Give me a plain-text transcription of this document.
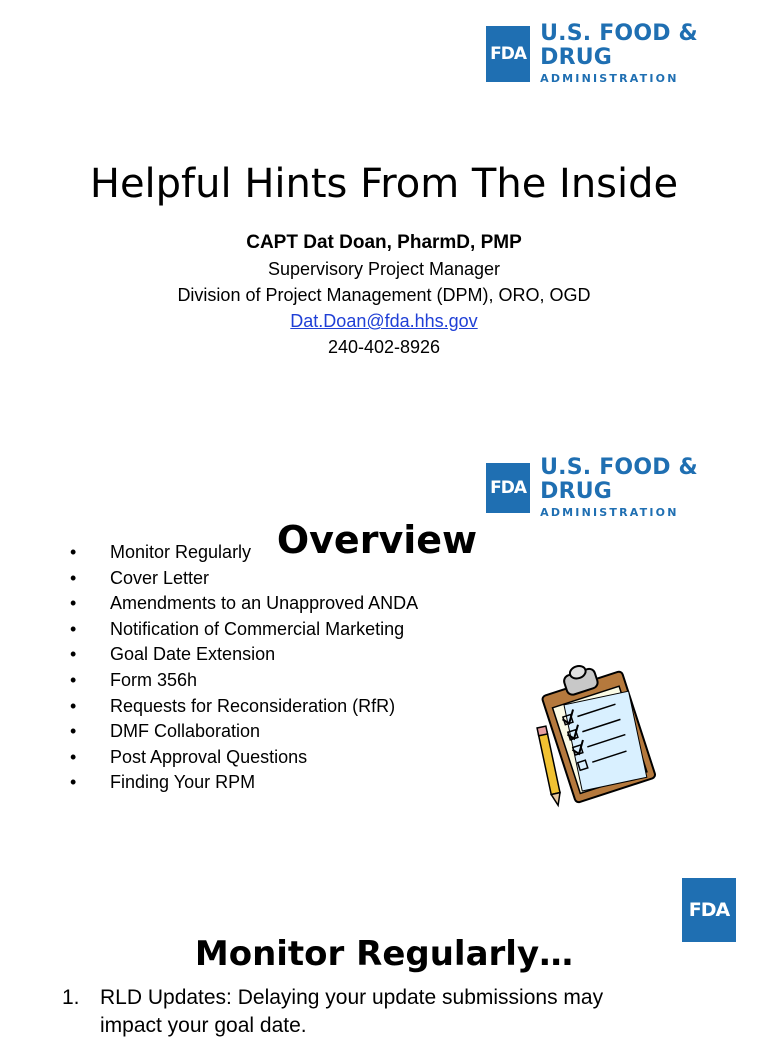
FDA
U.S. FOOD & DRUG
ADMINISTRATION
Helpful Hints From The Inside
CAPT Dat Doan, PharmD, PMP
Supervisory Project Manager
Division of Project Management (DPM), ORO, OGD
Dat.Doan@fda.hhs.gov
240-402-8926
FDA
U.S. FOOD & DRUG
ADMINISTRATION
Overview
•	Monitor Regularly
•	Cover Letter
•	Amendments to an Unapproved ANDA
•	Notification of Commercial Marketing
•	Goal Date Extension
•	Form 356h
•	Requests for Reconsideration (RfR)
•	DMF Collaboration
•	Post Approval Questions
•	Finding Your RPM
FDA
Monitor Regularly…
1. RLD Updates: Delaying your update submissions may
impact your goal date.
